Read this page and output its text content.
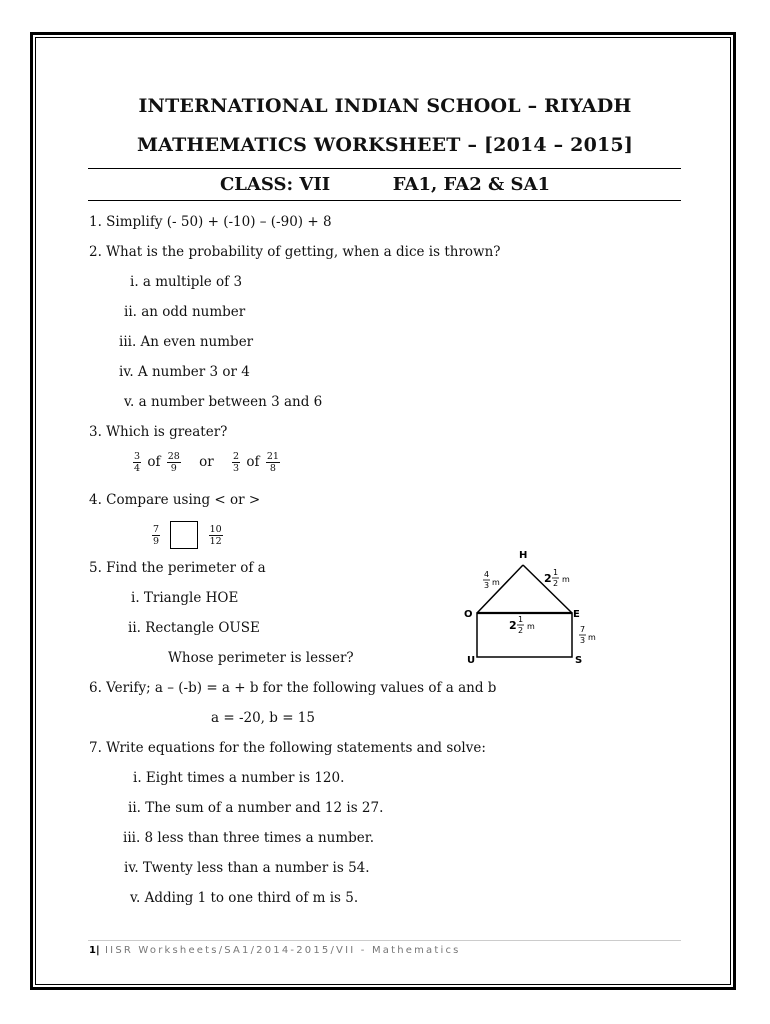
INTERNATIONAL INDIAN SCHOOL – RIYADH
MATHEMATICS WORKSHEET – [2014 – 2015]
CLASS: VII	FA1, FA2 & SA1
1. Simplify (- 50) + (-10) – (-90) + 8
2. What is the probability of getting, when a dice is thrown?
i. a multiple of 3
ii. an odd number
iii. An even number
iv. A number 3 or 4
v. a number between 3 and 6
3. Which is greater?
$\frac{3}{4}$ of $\frac{28}{9}$ or $\frac{2}{3}$ of $\frac{21}{8}$
4. Compare using < or >
$\frac{7}{9}$
	$\frac{10}{12}$
5. Find the perimeter of a
i. Triangle HOE
ii. Rectangle OUSE
Whose perimeter is lesser?
H
O	E
U	S
4
3 m	2 1
2 m
2 1
2 m	7
3 m
6. Verify; a – (-b) = a + b for the following values of a and b
a = -20, b = 15
7. Write equations for the following statements and solve:
i. Eight times a number is 120.
ii. The sum of a number and 12 is 27.
iii. 8 less than three times a number.
iv. Twenty less than a number is 54.
v. Adding 1 to one third of m is 5.
1| IISR Worksheets/SA1/2014-2015/VII - Mathematics
